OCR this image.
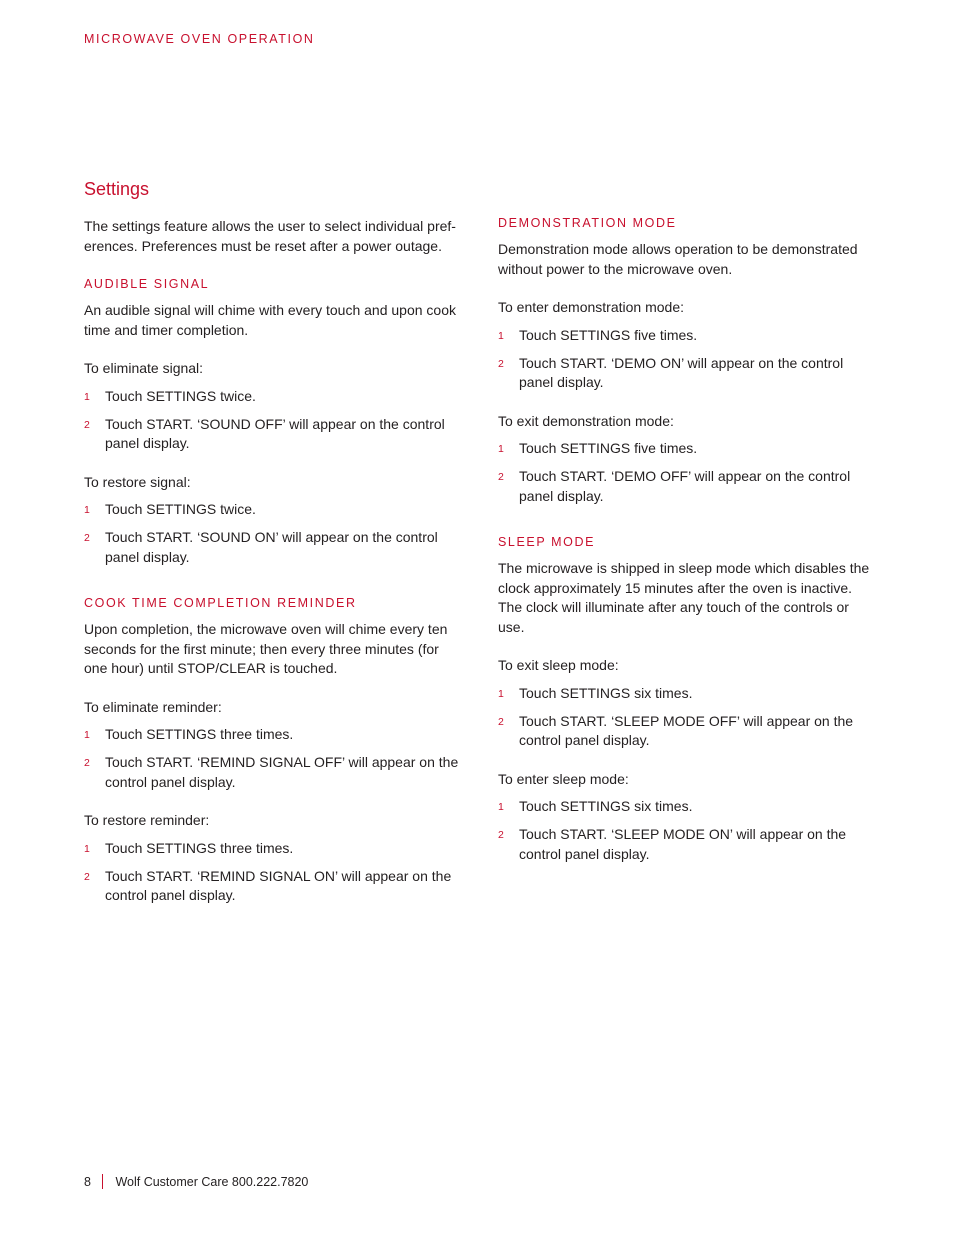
MICROWAVE OVEN OPERATION
Settings

The settings feature allows the user to select individual pref-erences. Preferences must be reset after a power outage.

AUDIBLE SIGNAL

An audible signal will chime with every touch and upon cook time and timer completion.

To eliminate signal:
1 Touch SETTINGS twice.
2 Touch START. ‘SOUND OFF’ will appear on the control panel display.
To restore signal:
1 Touch SETTINGS twice.
2 Touch START. ‘SOUND ON’ will appear on the control panel display.
COOK TIME COMPLETION REMINDER

Upon completion, the microwave oven will chime every ten seconds for the first minute; then every three minutes (for one hour) until STOP/CLEAR is touched.

To eliminate reminder:
1 Touch SETTINGS three times.
2 Touch START. ‘REMIND SIGNAL OFF’ will appear on the control panel display.
To restore reminder:
1 Touch SETTINGS three times.
2 Touch START. ‘REMIND SIGNAL ON’ will appear on the control panel display.
DEMONSTRATION MODE

Demonstration mode allows operation to be demonstrated without power to the microwave oven.

To enter demonstration mode:
1 Touch SETTINGS five times.
2 Touch START. ‘DEMO ON’ will appear on the control panel display.
To exit demonstration mode:
1 Touch SETTINGS five times.
2 Touch START. ‘DEMO OFF’ will appear on the control panel display.
SLEEP MODE

The microwave is shipped in sleep mode which disables the clock approximately 15 minutes after the oven is inactive. The clock will illuminate after any touch of the controls or use.

To exit sleep mode:
1 Touch SETTINGS six times.
2 Touch START. ‘SLEEP MODE OFF’ will appear on the control panel display.
To enter sleep mode:
1 Touch SETTINGS six times.
2 Touch START. ‘SLEEP MODE ON’ will appear on the control panel display.
8 Wolf Customer Care 800.222.7820
